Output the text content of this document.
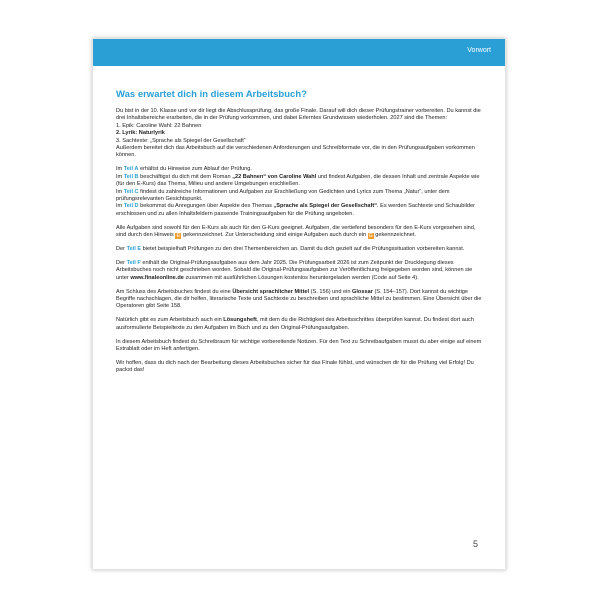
Vorwort
Was erwartet dich in diesem Arbeitsbuch?

Du bist in der 10. Klasse und vor dir liegt die Abschlussprüfung, das große Finale. Darauf will dich dieser Prüfungstrainer vorbereiten. Du kannst die drei Inhaltsbereiche erarbeiten, die in der Prüfung vorkommen, und dabei Erlerntes Grundwissen wiederholen. 2027 sind die Themen:
1. Epik: Caroline Wahl: 22 Bahnen
2. Lyrik: Naturlyrik
3. Sachtexte: „Sprache als Spiegel der Gesellschaft“
Außerdem bereitet dich das Arbeitsbuch auf die verschiedenen Anforderungen und Schreibformate vor, die in den Prüfungsaufgaben vorkommen können.

Im Teil A erhältst du Hinweise zum Ablauf der Prüfung.
Im Teil B beschäftigst du dich mit dem Roman „22 Bahnen“ von Caroline Wahl und findest Aufgaben, die dessen Inhalt und zentrale Aspekte wie (für den E-Kurs) das Thema, Milieu und andere Umgebungen erschließen.
Im Teil C findest du zahlreiche Informationen und Aufgaben zur Erschließung von Gedichten und Lyrics zum Thema „Natur“, unter dem prüfungsrelevanten Gesichtspunkt.
Im Teil D bekommst du Anregungen über Aspekte des Themas „Sprache als Spiegel der Gesellschaft“. Es werden Sachtexte und Schaubilder erschlossen und zu allen Inhaltsfeldern passende Trainingsaufgaben für die Prüfung angeboten.

Alle Aufgaben sind sowohl für den E-Kurs als auch für den G-Kurs geeignet. Aufgaben, die vertiefend besonders für den E-Kurs vorgesehen sind, sind durch den Hinweis E gekennzeichnet. Zur Unterscheidung sind einige Aufgaben auch durch ein G gekennzeichnet.

Der Teil E bietet beispielhaft Prüfungen zu den drei Themenbereichen an. Damit du dich gezielt auf die Prüfungssituation vorbereiten kannst.

Der Teil F enthält die Original-Prüfungsaufgaben aus dem Jahr 2025. Die Prüfungsarbeit 2026 ist zum Zeitpunkt der Drucklegung dieses Arbeitsbuches noch nicht geschrieben worden. Sobald die Original-Prüfungsaufgaben zur Veröffentlichung freigegeben worden sind, können sie unter www.finaleonline.de zusammen mit ausführlichen Lösungen kostenlos heruntergeladen werden (Code auf Seite 4).

Am Schluss des Arbeitsbuches findest du eine Übersicht sprachlicher Mittel (S. 156) und ein Glossar (S. 154–157). Dort kannst du wichtige Begriffe nachschlagen, die dir helfen, literarische Texte und Sachtexte zu beschreiben und sprachliche Mittel zu bestimmen. Eine Übersicht über die Operatoren gibt Seite 158.

Natürlich gibt es zum Arbeitsbuch auch ein Lösungsheft, mit dem du die Richtigkeit des Arbeitsschrittes überprüfen kannst. Du findest dort auch ausformulierte Beispieltexte zu den Aufgaben im Buch und zu den Original-Prüfungsaufgaben.

In diesem Arbeitsbuch findest du Schreibraum für wichtige vorbereitende Notizen. Für den Text zu Schreibaufgaben musst du aber einige auf einem Extrablatt oder im Heft anfertigen.

Wir hoffen, dass du dich nach der Bearbeitung dieses Arbeitsbuches sicher für das Finale fühlst, und wünschen dir für die Prüfung viel Erfolg! Du packst das!

5
